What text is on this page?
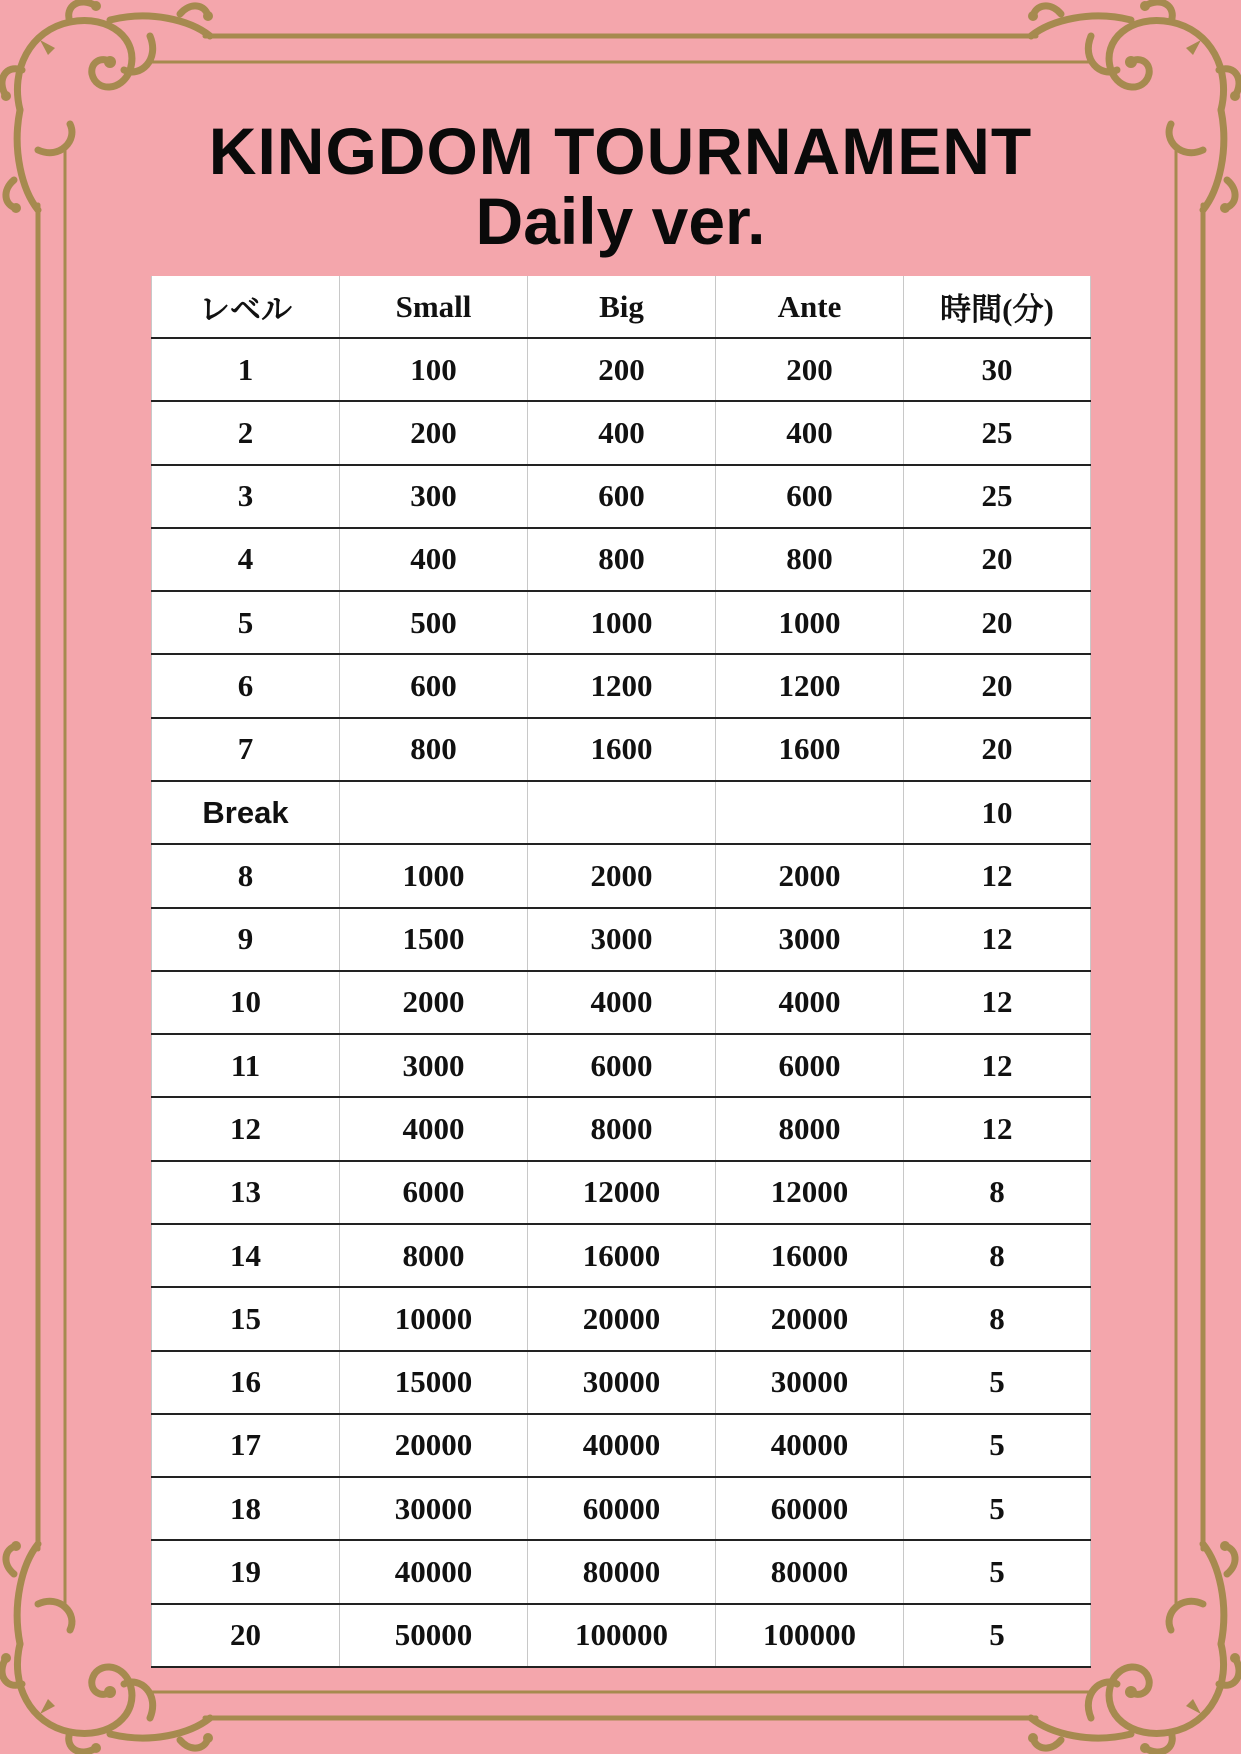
KINGDOM TOURNAMENT
Daily ver.
レベル	Small	Big	Ante	時間(分)
1	100	200	200	30
2	200	400	400	25
3	300	600	600	25
4	400	800	800	20
5	500	1000	1000	20
6	600	1200	1200	20
7	800	1600	1600	20
Break				10
8	1000	2000	2000	12
9	1500	3000	3000	12
10	2000	4000	4000	12
11	3000	6000	6000	12
12	4000	8000	8000	12
13	6000	12000	12000	8
14	8000	16000	16000	8
15	10000	20000	20000	8
16	15000	30000	30000	5
17	20000	40000	40000	5
18	30000	60000	60000	5
19	40000	80000	80000	5
20	50000	100000	100000	5
